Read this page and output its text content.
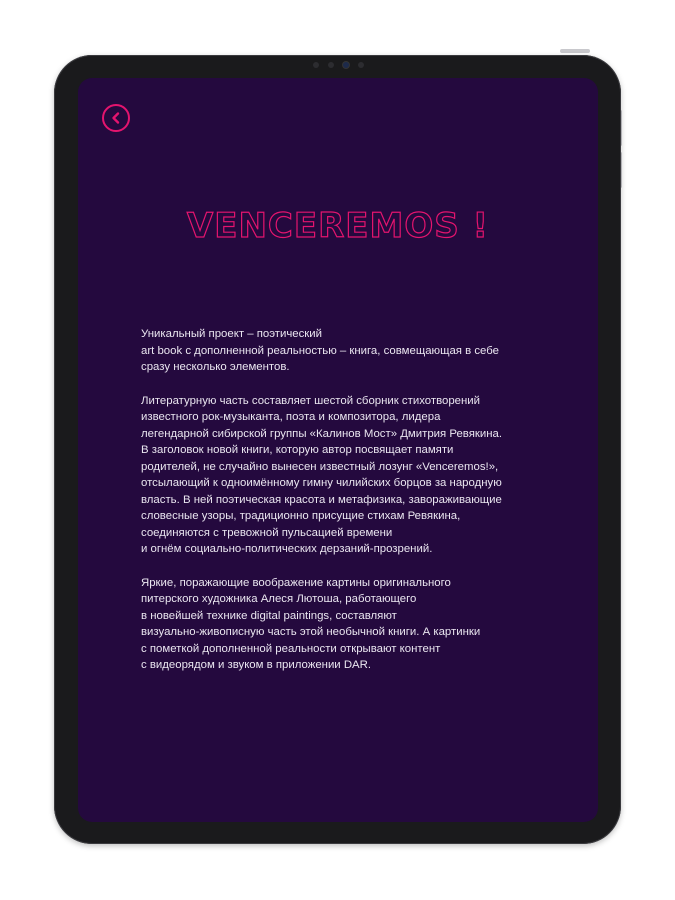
VENCEREMOS !

Уникальный проект – поэтический
art book с дополненной реальностью – книга, совмещающая в себе
сразу несколько элементов.

Литературную часть составляет шестой сборник стихотворений
известного рок-музыканта, поэта и композитора, лидера
легендарной сибирской группы «Калинов Мост» Дмитрия Ревякина.
В заголовок новой книги, которую автор посвящает памяти
родителей, не случайно вынесен известный лозунг «Venceremos!»,
отсылающий к одноимённому гимну чилийских борцов за народную
власть. В ней поэтическая красота и метафизика, завораживающие
словесные узоры, традиционно присущие стихам Ревякина,
соединяются с тревожной пульсацией времени
и огнём социально-политических дерзаний-прозрений.

Яркие, поражающие воображение картины оригинального
питерского художника Алеся Лютоша, работающего
в новейшей технике digital paintings, составляют
визуально-живописную часть этой необычной книги. А картинки
с пометкой дополненной реальности открывают контент
с видеорядом и звуком в приложении DAR.
